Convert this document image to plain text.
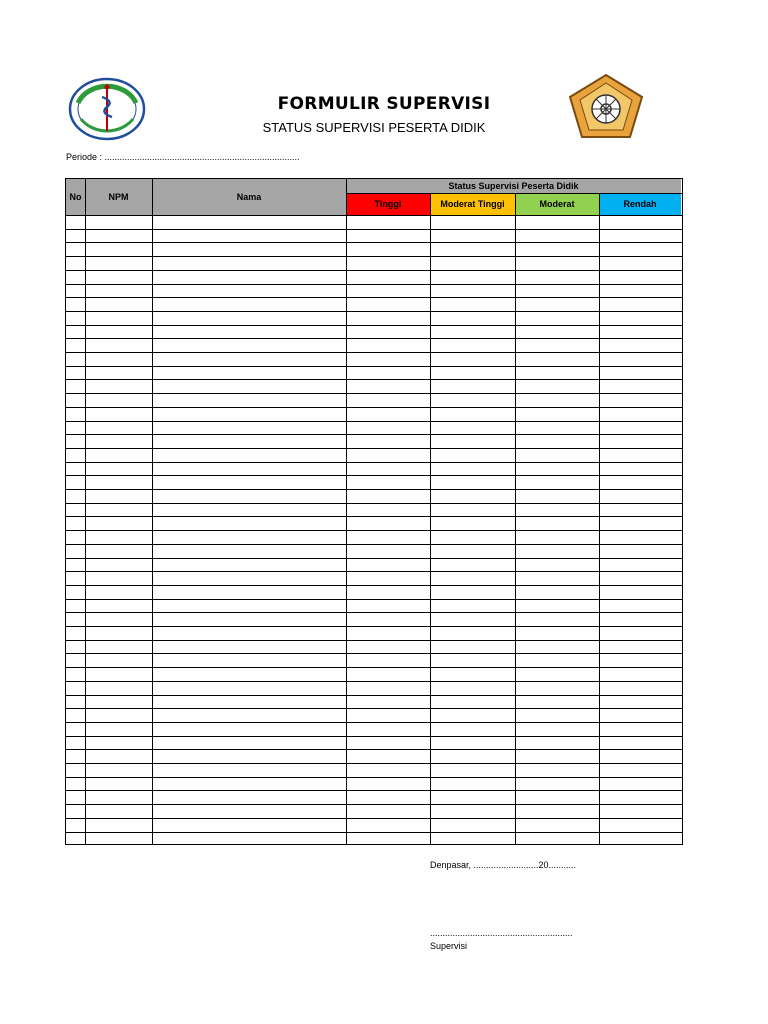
FORMULIR SUPERVISI
STATUS SUPERVISI PESERTA DIDIK
Periode : ..............................................................................
No	NPM	Nama
Status Supervisi Peserta Didik
Tinggi	Moderat Tinggi	Moderat	Rendah
Denpasar, ..........................20...........
.........................................................
Supervisi
